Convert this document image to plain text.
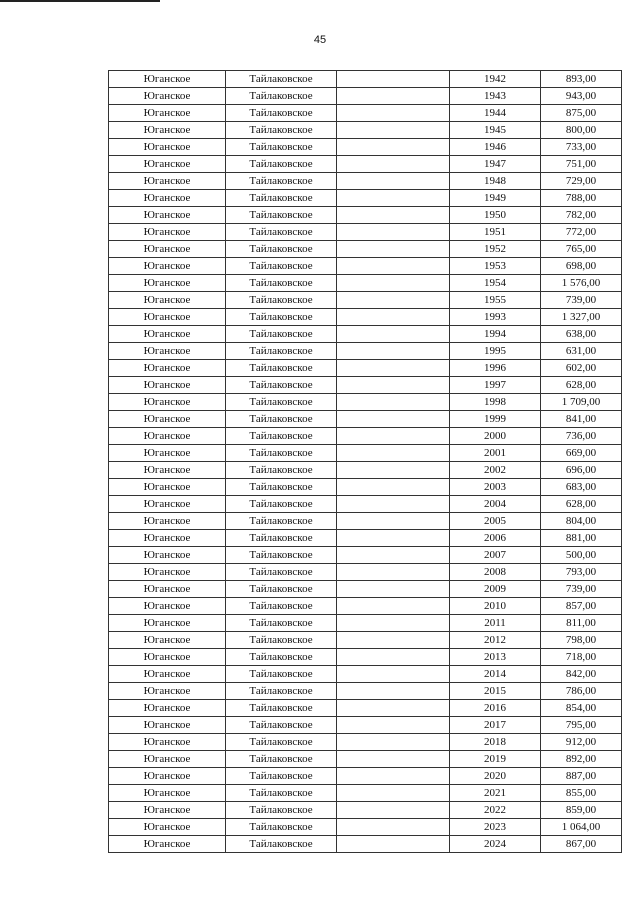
45
Юганское	Тайлаковское		1942	893,00
Юганское	Тайлаковское		1943	943,00
Юганское	Тайлаковское		1944	875,00
Юганское	Тайлаковское		1945	800,00
Юганское	Тайлаковское		1946	733,00
Юганское	Тайлаковское		1947	751,00
Юганское	Тайлаковское		1948	729,00
Юганское	Тайлаковское		1949	788,00
Юганское	Тайлаковское		1950	782,00
Юганское	Тайлаковское		1951	772,00
Юганское	Тайлаковское		1952	765,00
Юганское	Тайлаковское		1953	698,00
Юганское	Тайлаковское		1954	1 576,00
Юганское	Тайлаковское		1955	739,00
Юганское	Тайлаковское		1993	1 327,00
Юганское	Тайлаковское		1994	638,00
Юганское	Тайлаковское		1995	631,00
Юганское	Тайлаковское		1996	602,00
Юганское	Тайлаковское		1997	628,00
Юганское	Тайлаковское		1998	1 709,00
Юганское	Тайлаковское		1999	841,00
Юганское	Тайлаковское		2000	736,00
Юганское	Тайлаковское		2001	669,00
Юганское	Тайлаковское		2002	696,00
Юганское	Тайлаковское		2003	683,00
Юганское	Тайлаковское		2004	628,00
Юганское	Тайлаковское		2005	804,00
Юганское	Тайлаковское		2006	881,00
Юганское	Тайлаковское		2007	500,00
Юганское	Тайлаковское		2008	793,00
Юганское	Тайлаковское		2009	739,00
Юганское	Тайлаковское		2010	857,00
Юганское	Тайлаковское		2011	811,00
Юганское	Тайлаковское		2012	798,00
Юганское	Тайлаковское		2013	718,00
Юганское	Тайлаковское		2014	842,00
Юганское	Тайлаковское		2015	786,00
Юганское	Тайлаковское		2016	854,00
Юганское	Тайлаковское		2017	795,00
Юганское	Тайлаковское		2018	912,00
Юганское	Тайлаковское		2019	892,00
Юганское	Тайлаковское		2020	887,00
Юганское	Тайлаковское		2021	855,00
Юганское	Тайлаковское		2022	859,00
Юганское	Тайлаковское		2023	1 064,00
Юганское	Тайлаковское		2024	867,00
